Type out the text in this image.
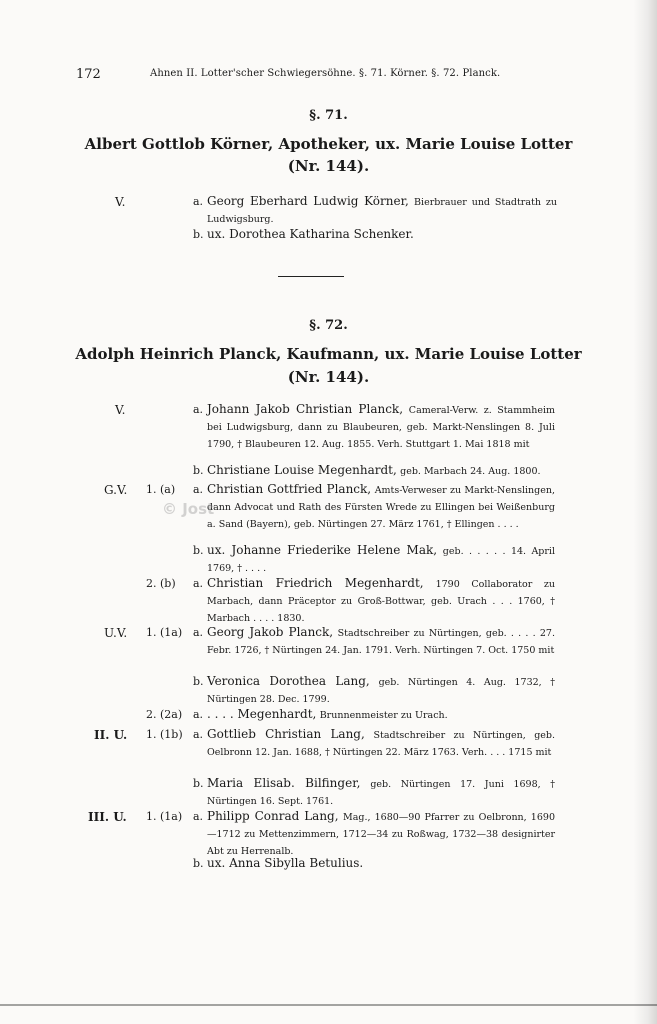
172	Ahnen II. Lotter'scher Schwiegersöhne. §. 71. Körner. §. 72. Planck.
§. 71.
Albert Gottlob Körner, Apotheker, ux. Marie Louise Lotter
(Nr. 144).
V.	a. Georg Eberhard Ludwig Körner, Bierbrauer und Stadtrath zu Ludwigsburg.
b. ux. Dorothea Katharina Schenker.
§. 72.
Adolph Heinrich Planck, Kaufmann, ux. Marie Louise Lotter
(Nr. 144).
V.	a. Johann Jakob Christian Planck, Cameral-Verw. z. Stammheim bei Ludwigsburg, dann zu Blaubeuren, geb. Markt-Nenslingen 8. Juli 1790, † Blaubeuren 12. Aug. 1855. Verh. Stuttgart 1. Mai 1818 mit
b. Christiane Louise Megenhardt, geb. Marbach 24. Aug. 1800.
G.V. 1. (a) a. Christian Gottfried Planck, Amts-Verweser zu Markt-Nenslingen, dann Advocat und Rath des Fürsten Wrede zu Ellingen bei Weißenburg a. Sand (Bayern), geb. Nürtingen 27. März 1761, † Ellingen . . . .
b. ux. Johanne Friederike Helene Mak, geb. . . . . . 14. April 1769, † . . . .
2. (b) a. Christian Friedrich Megenhardt, 1790 Collaborator zu Marbach, dann Präceptor zu Groß-Bottwar, geb. Urach . . . 1760, † Marbach . . . . 1830.
U.V. 1. (1a) a. Georg Jakob Planck, Stadtschreiber zu Nürtingen, geb. . . . . 27. Febr. 1726, † Nürtingen 24. Jan. 1791. Verh. Nürtingen 7. Oct. 1750 mit
b. Veronica Dorothea Lang, geb. Nürtingen 4. Aug. 1732, † Nürtingen 28. Dec. 1799.
2. (2a) a. . . . . Megenhardt, Brunnenmeister zu Urach.
II. U. 1. (1b) a. Gottlieb Christian Lang, Stadtschreiber zu Nürtingen, geb. Oelbronn 12. Jan. 1688, † Nürtingen 22. März 1763. Verh. . . . 1715 mit
b. Maria Elisab. Bilfinger, geb. Nürtingen 17. Juni 1698, † Nürtingen 16. Sept. 1761.
III. U. 1. (1a) a. Philipp Conrad Lang, Mag., 1680—90 Pfarrer zu Oelbronn, 1690—1712 zu Mettenzimmern, 1712—34 zu Roßwag, 1732—38 designirter Abt zu Herrenalb.
b. ux. Anna Sibylla Betulius.
© Jost
